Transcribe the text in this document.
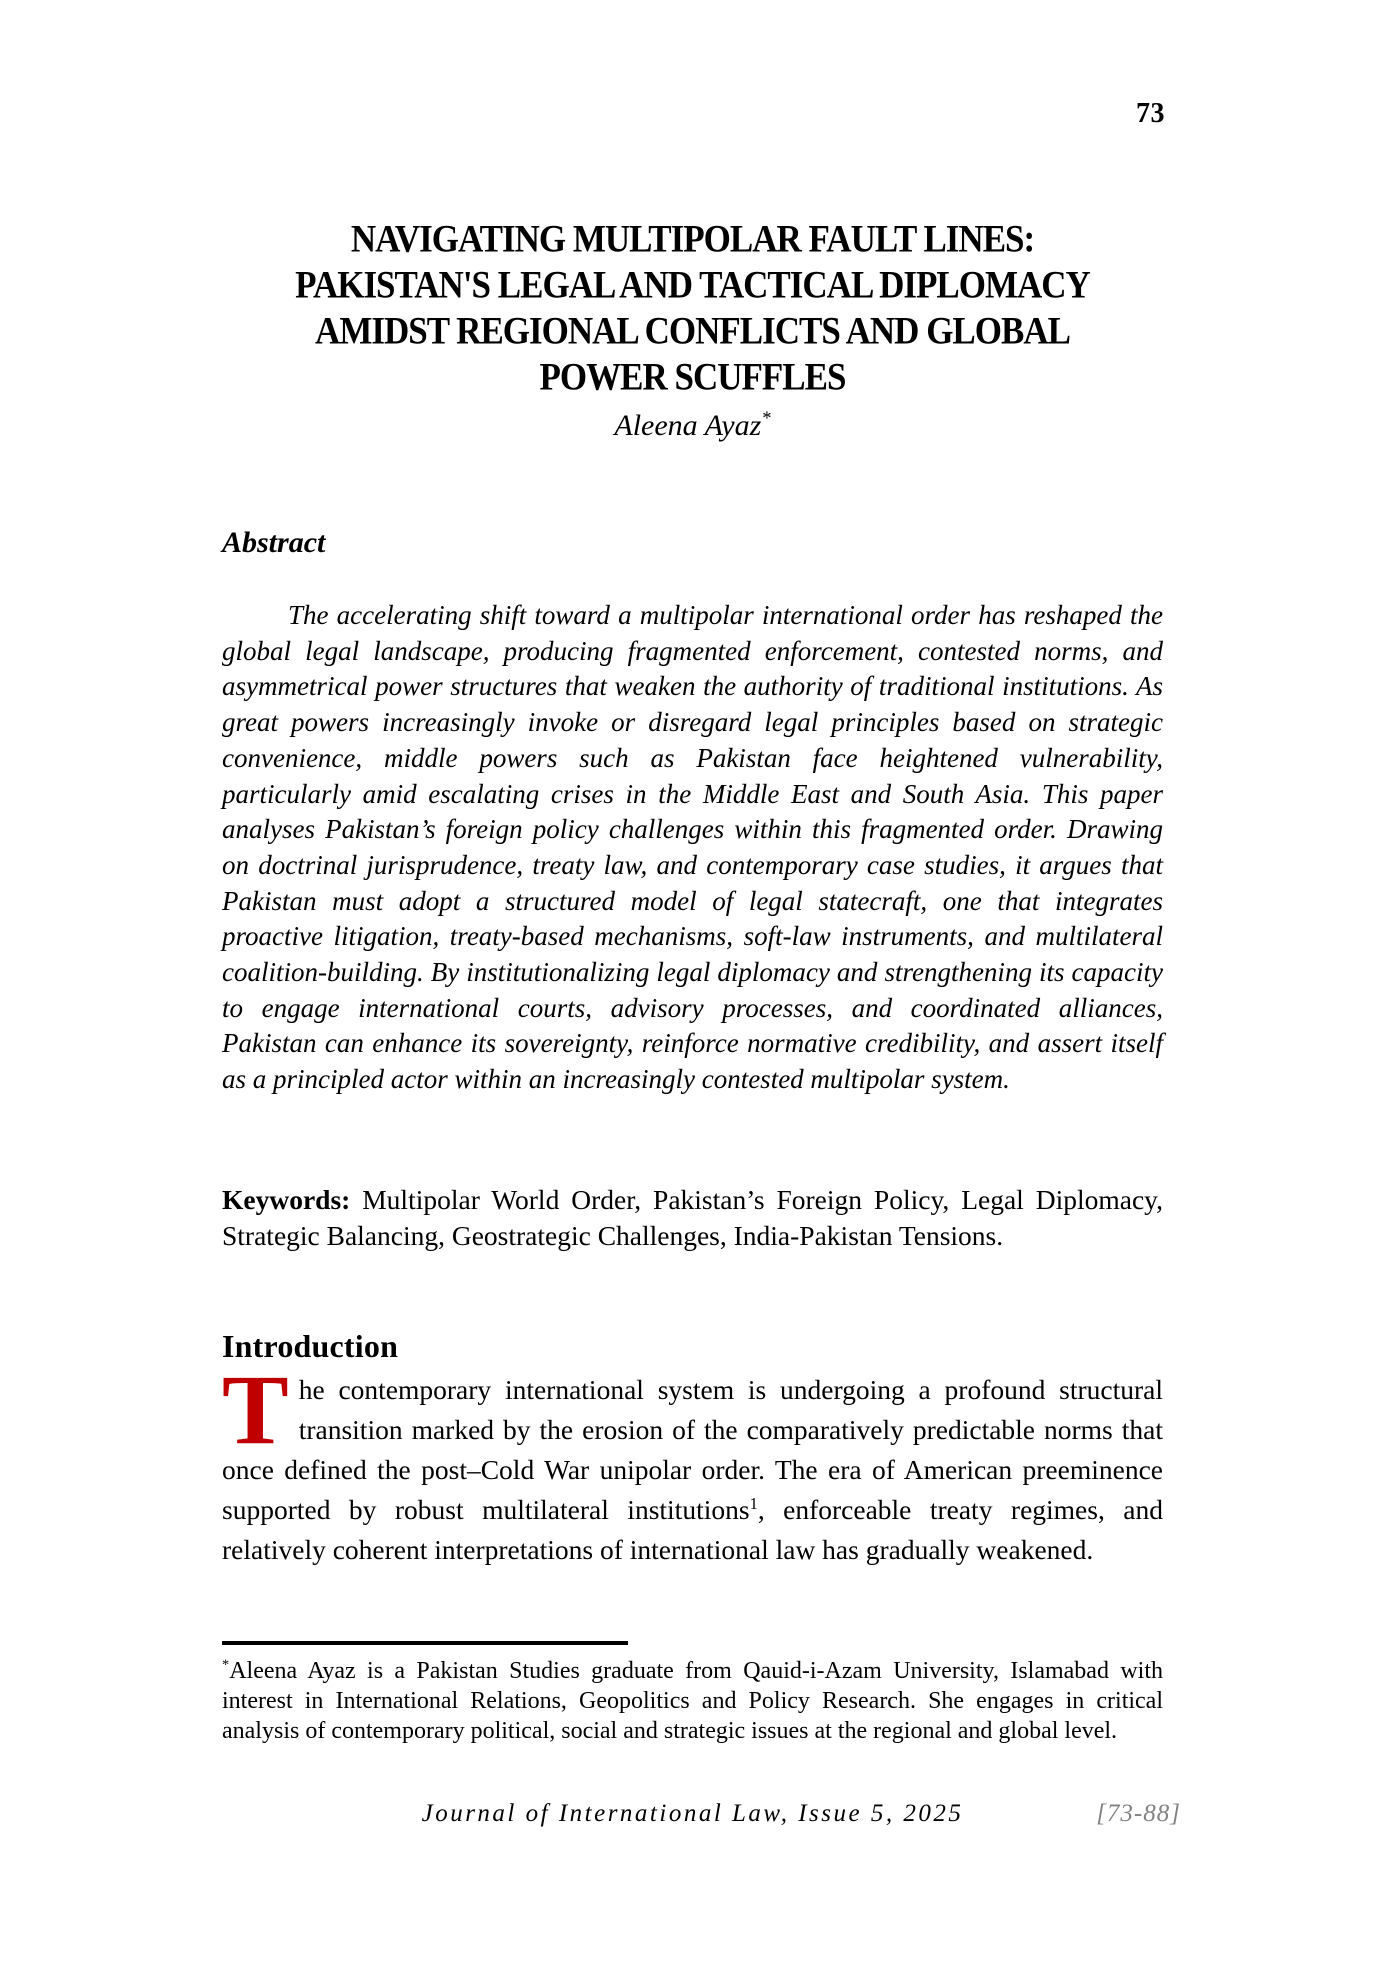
73
NAVIGATING MULTIPOLAR FAULT LINES:
PAKISTAN'S LEGAL AND TACTICAL DIPLOMACY
AMIDST REGIONAL CONFLICTS AND GLOBAL
POWER SCUFFLES
Aleena Ayaz*
Abstract

The accelerating shift toward a multipolar international order has reshaped the global legal landscape, producing fragmented enforcement, contested norms, and asymmetrical power structures that weaken the authority of traditional institutions. As great powers increasingly invoke or disregard legal principles based on strategic convenience, middle powers such as Pakistan face heightened vulnerability, particularly amid escalating crises in the Middle East and South Asia. This paper analyses Pakistan’s foreign policy challenges within this fragmented order. Drawing on doctrinal jurisprudence, treaty law, and contemporary case studies, it argues that Pakistan must adopt a structured model of legal statecraft, one that integrates proactive litigation, treaty-based mechanisms, soft-law instruments, and multilateral coalition-building. By institutionalizing legal diplomacy and strengthening its capacity to engage international courts, advisory processes, and coordinated alliances, Pakistan can enhance its sovereignty, reinforce normative credibility, and assert itself as a principled actor within an increasingly contested multipolar system.

Keywords: Multipolar World Order, Pakistan’s Foreign Policy, Legal Diplomacy, Strategic Balancing, Geostrategic Challenges, India-Pakistan Tensions.

Introduction

The contemporary international system is undergoing a profound structural transition marked by the erosion of the comparatively predictable norms that once defined the post–Cold War unipolar order. The era of American preeminence supported by robust multilateral institutions$^1$, enforceable treaty regimes, and relatively coherent interpretations of international law has gradually weakened.

*Aleena Ayaz is a Pakistan Studies graduate from Qauid-i-Azam University, Islamabad with interest in International Relations, Geopolitics and Policy Research. She engages in critical analysis of contemporary political, social and strategic issues at the regional and global level.

Journal of International Law, Issue 5, 2025	[73-88]
